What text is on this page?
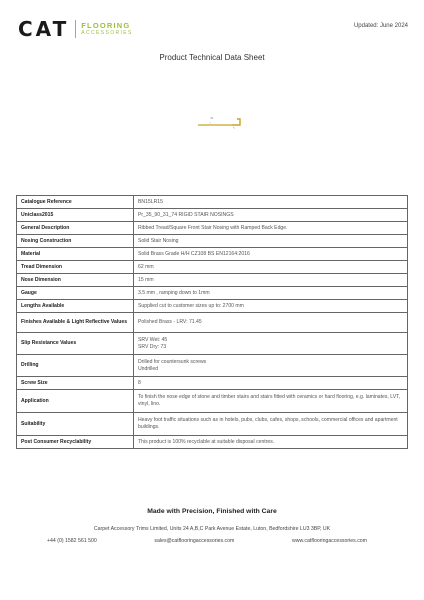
CAT FLOORING
ACCESSORIES
Updated: June 2024
Product Technical Data Sheet
62
Catalogue Reference	BN15LR15
Uniclass2015	Pr_35_90_31_74 RIGID STAIR NOSINGS
General Description	Ribbed Tread/Square Front Stair Nosing with Ramped Back Edge.
Nosing Construction	Solid Stair Nosing
Material	Solid Brass Grade H/H CZ108 BS EN12164:2016
Tread Dimension	62 mm
Nose Dimension	15 mm
Gauge	3.5 mm , ramping down to 1mm
Lengths Available	Supplied cut to customer sizes up to: 2700 mm
Finishes Available & Light Reflective Values	Polished Brass - LRV: 71.45
Slip Resistance Values	SRV Wet: 45
SRV Dry: 73

Drilling	Drilled for countersunk screws
Undrilled

Screw Size	8
Application	To finish the nose edge of stone and timber stairs and stairs fitted with ceramics or hard flooring, e.g. laminates, LVT, vinyl, lino.
Suitability	Heavy foot traffic situations such as in hotels, pubs, clubs, cafes, shops, schools, commercial offices and apartment buildings.
Post Consumer Recyclability	This product is 100% recyclable at suitable disposal centres.
Made with Precision, Finished with Care
Carpet Accessory Trims Limited, Units 24 A,B,C Park Avenue Estate, Luton, Bedfordshire LU3 3BP, UK
+44 (0) 1582 561 500	sales@catflooringaccessories.com	www.catflooringaccessories.com
